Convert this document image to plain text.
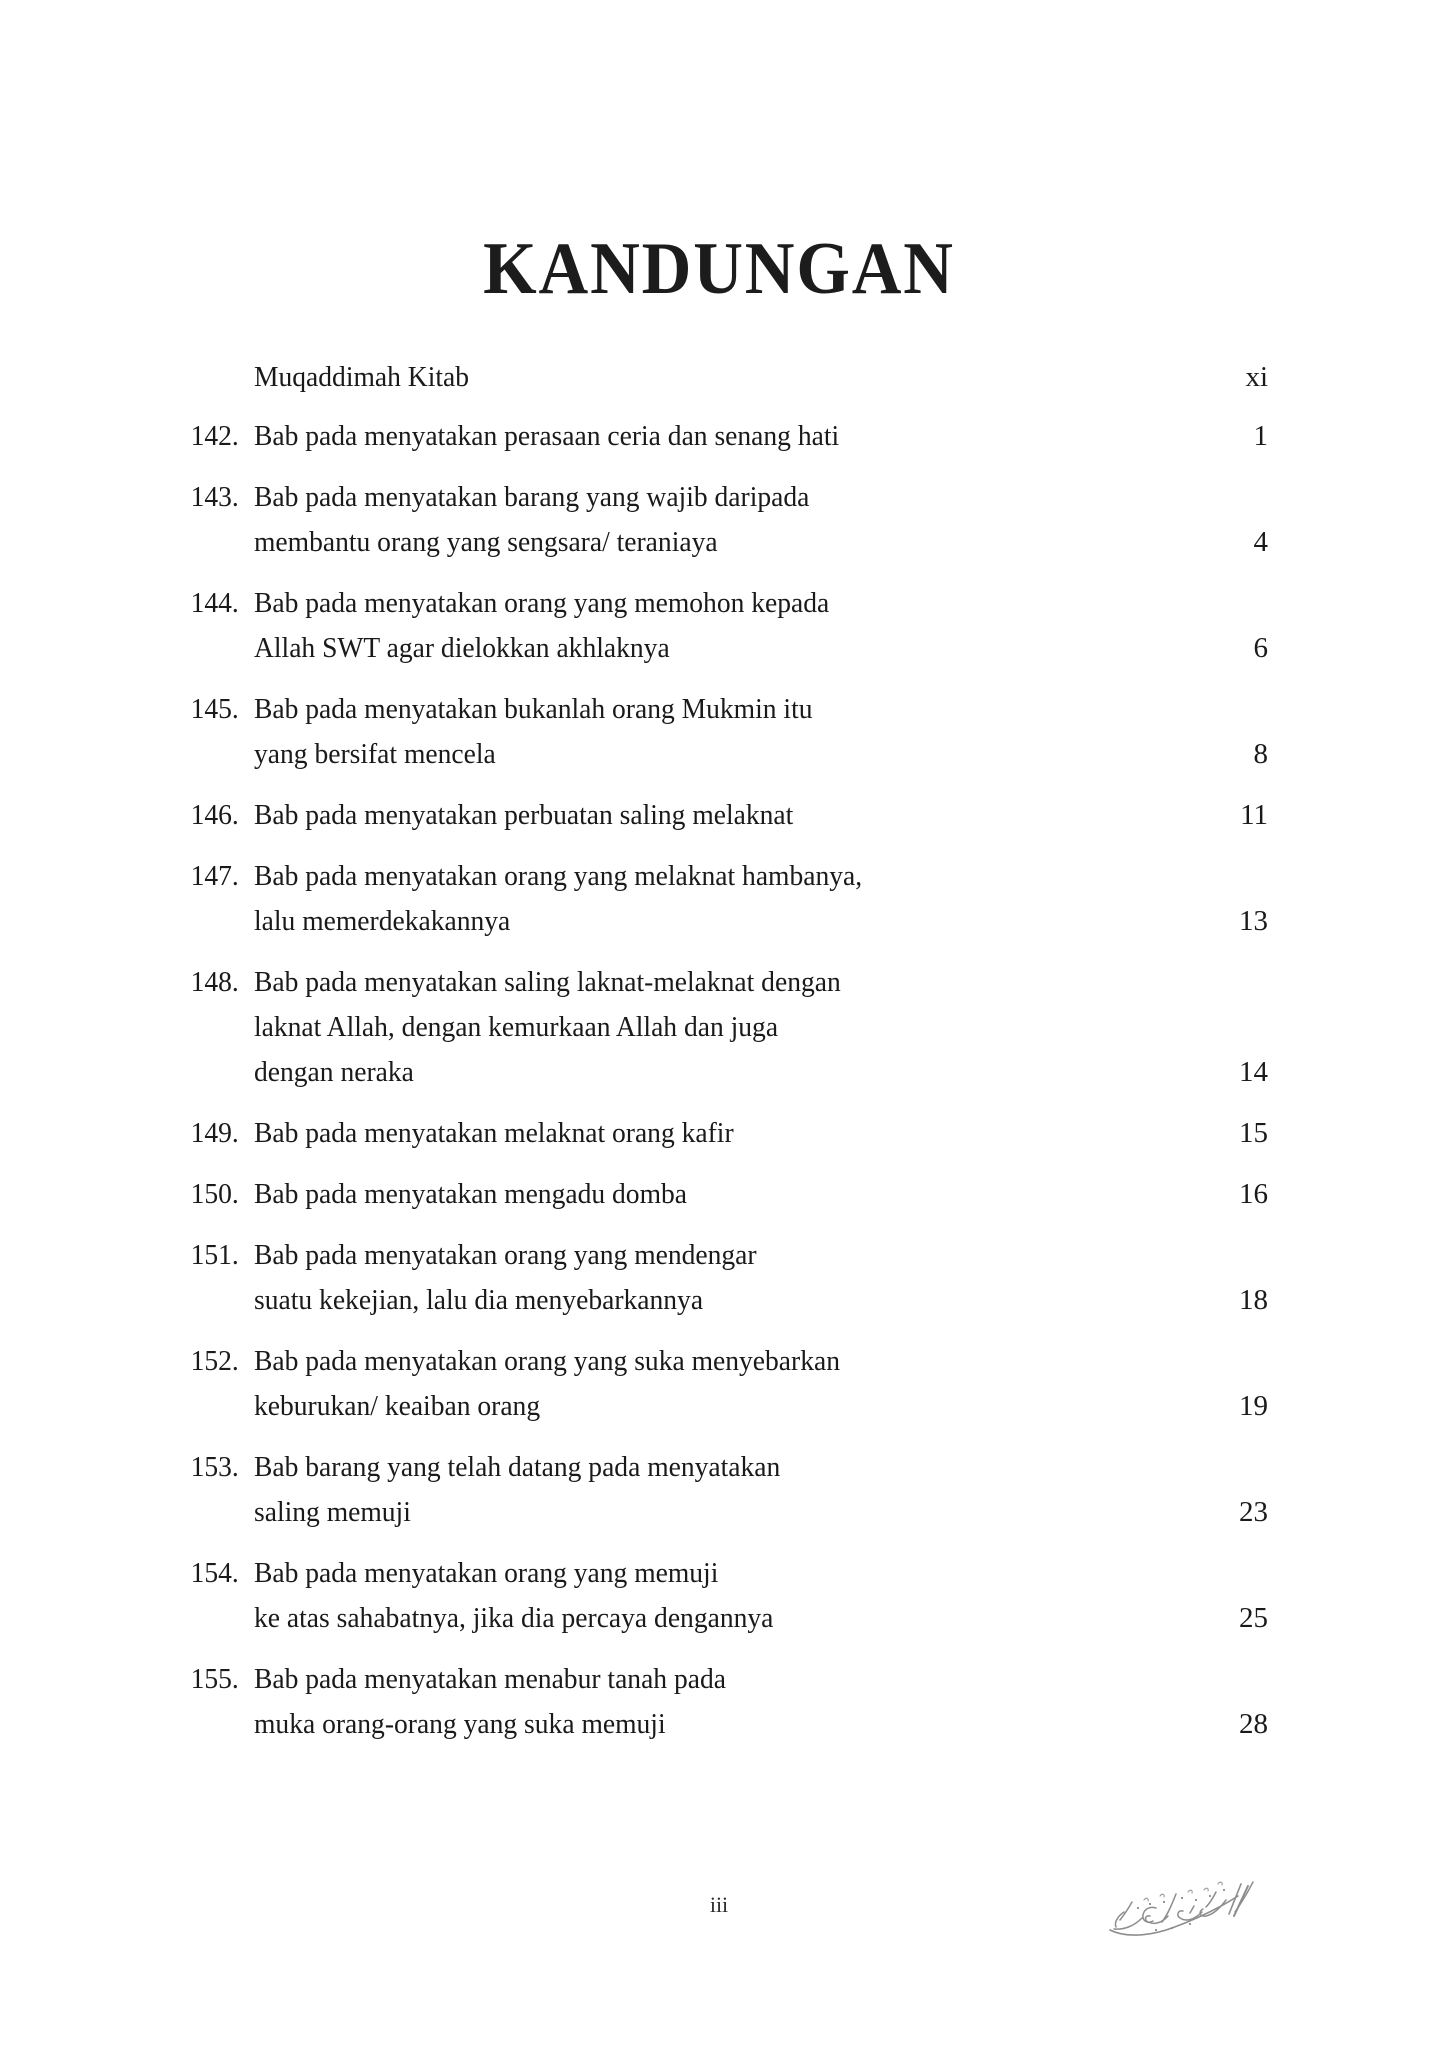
KANDUNGAN
Muqaddimah Kitab	xi
142. Bab pada menyatakan perasaan ceria dan senang hati	1
143. Bab pada menyatakan barang yang wajib daripada
membantu orang yang sengsara/ teraniaya	4
144. Bab pada menyatakan orang yang memohon kepada
Allah SWT agar dielokkan akhlaknya	6
145. Bab pada menyatakan bukanlah orang Mukmin itu
yang bersifat mencela	8
146. Bab pada menyatakan perbuatan saling melaknat	11
147. Bab pada menyatakan orang yang melaknat hambanya,
lalu memerdekakannya	13
148. Bab pada menyatakan saling laknat-melaknat dengan
laknat Allah, dengan kemurkaan Allah dan juga
dengan neraka	14
149. Bab pada menyatakan melaknat orang kafir	15
150. Bab pada menyatakan mengadu domba	16
151. Bab pada menyatakan orang yang mendengar
suatu kekejian, lalu dia menyebarkannya	18
152. Bab pada menyatakan orang yang suka menyebarkan
keburukan/ keaiban orang	19
153. Bab barang yang telah datang pada menyatakan
saling memuji	23
154. Bab pada menyatakan orang yang memuji
ke atas sahabatnya, jika dia percaya dengannya	25
155. Bab pada menyatakan menabur tanah pada
muka orang-orang yang suka memuji	28
iii
